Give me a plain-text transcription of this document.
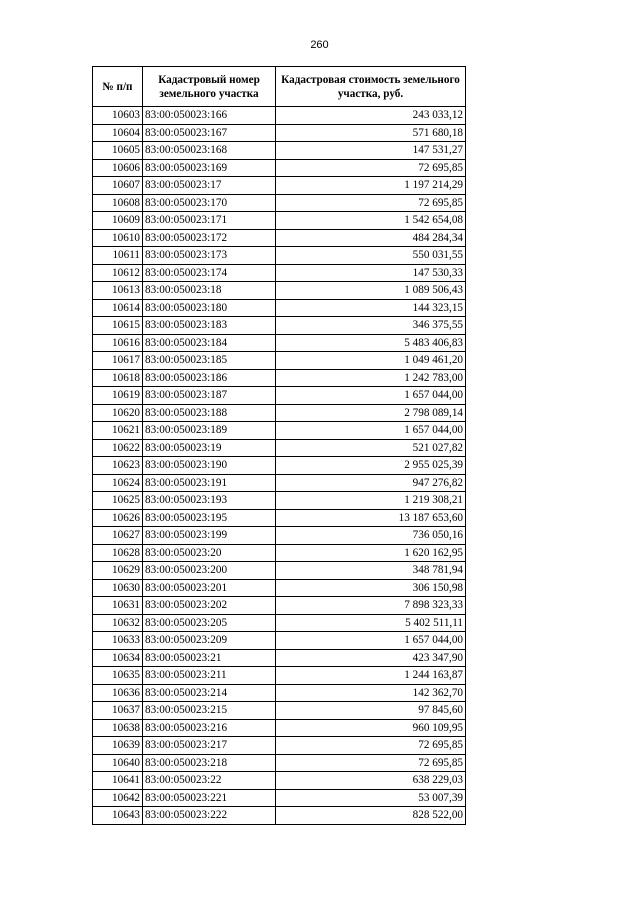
260
№ п/п	Кадастровый номер земельного участка	Кадастровая стоимость земельного участка, руб.
10603	83:00:050023:166	243 033,12
10604	83:00:050023:167	571 680,18
10605	83:00:050023:168	147 531,27
10606	83:00:050023:169	72 695,85
10607	83:00:050023:17	1 197 214,29
10608	83:00:050023:170	72 695,85
10609	83:00:050023:171	1 542 654,08
10610	83:00:050023:172	484 284,34
10611	83:00:050023:173	550 031,55
10612	83:00:050023:174	147 530,33
10613	83:00:050023:18	1 089 506,43
10614	83:00:050023:180	144 323,15
10615	83:00:050023:183	346 375,55
10616	83:00:050023:184	5 483 406,83
10617	83:00:050023:185	1 049 461,20
10618	83:00:050023:186	1 242 783,00
10619	83:00:050023:187	1 657 044,00
10620	83:00:050023:188	2 798 089,14
10621	83:00:050023:189	1 657 044,00
10622	83:00:050023:19	521 027,82
10623	83:00:050023:190	2 955 025,39
10624	83:00:050023:191	947 276,82
10625	83:00:050023:193	1 219 308,21
10626	83:00:050023:195	13 187 653,60
10627	83:00:050023:199	736 050,16
10628	83:00:050023:20	1 620 162,95
10629	83:00:050023:200	348 781,94
10630	83:00:050023:201	306 150,98
10631	83:00:050023:202	7 898 323,33
10632	83:00:050023:205	5 402 511,11
10633	83:00:050023:209	1 657 044,00
10634	83:00:050023:21	423 347,90
10635	83:00:050023:211	1 244 163,87
10636	83:00:050023:214	142 362,70
10637	83:00:050023:215	97 845,60
10638	83:00:050023:216	960 109,95
10639	83:00:050023:217	72 695,85
10640	83:00:050023:218	72 695,85
10641	83:00:050023:22	638 229,03
10642	83:00:050023:221	53 007,39
10643	83:00:050023:222	828 522,00
